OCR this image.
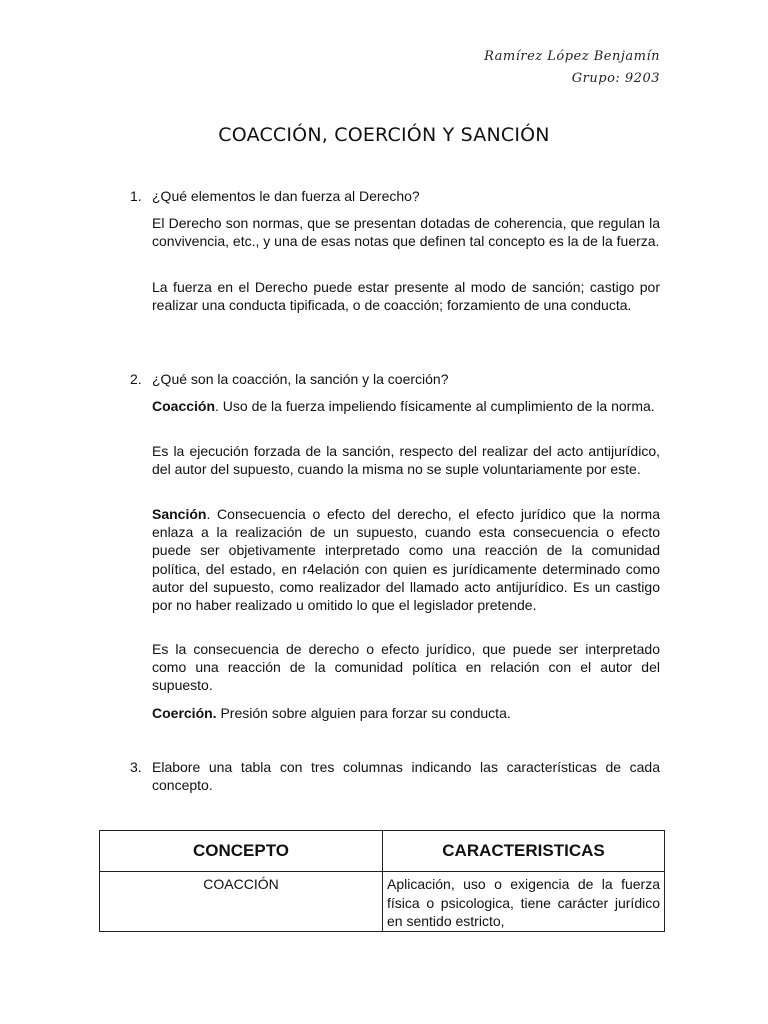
Ramírez López Benjamín
Grupo: 9203
COACCIÓN, COERCIÓN Y SANCIÓN
1. ¿Qué elementos le dan fuerza al Derecho?
El Derecho son normas, que se presentan dotadas de coherencia, que regulan la convivencia, etc., y una de esas notas que definen tal concepto es la de la fuerza.
La fuerza en el Derecho puede estar presente al modo de sanción; castigo por realizar una conducta tipificada, o de coacción; forzamiento de una conducta.
2. ¿Qué son la coacción, la sanción y la coerción?
Coacción. Uso de la fuerza impeliendo físicamente al cumplimiento de la norma.
Es la ejecución forzada de la sanción, respecto del realizar del acto antijurídico, del autor del supuesto, cuando la misma no se suple voluntariamente por este.
Sanción. Consecuencia o efecto del derecho, el efecto jurídico que la norma enlaza a la realización de un supuesto, cuando esta consecuencia o efecto puede ser objetivamente interpretado como una reacción de la comunidad política, del estado, en r4elación con quien es jurídicamente determinado como autor del supuesto, como realizador del llamado acto antijurídico. Es un castigo por no haber realizado u omitido lo que el legislador pretende.
Es la consecuencia de derecho o efecto jurídico, que puede ser interpretado como una reacción de la comunidad política en relación con el autor del supuesto.
Coerción. Presión sobre alguien para forzar su conducta.
3. Elabore una tabla con tres columnas indicando las características de cada concepto.
CONCEPTO	CARACTERISTICAS
COACCIÓN	Aplicación, uso o exigencia de la fuerza física o psicologica, tiene carácter jurídico en sentido estricto,
